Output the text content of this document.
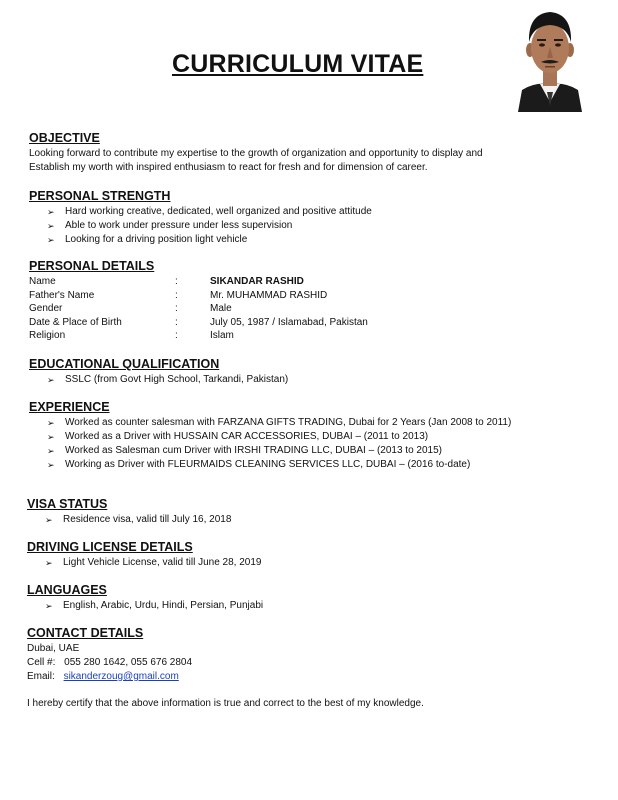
CURRICULUM VITAE
OBJECTIVE
Looking forward to contribute my expertise to the growth of organization and opportunity to display and
Establish my worth with inspired enthusiasm to react for fresh and for dimension of career.
PERSONAL STRENGTH
➢ Hard working creative, dedicated, well organized and positive attitude
➢ Able to work under pressure under less supervision
➢ Looking for a driving position light vehicle
PERSONAL DETAILS
Name	:	SIKANDAR RASHID
Father's Name	:	Mr. MUHAMMAD RASHID
Gender	:	Male
Date & Place of Birth	:	July 05, 1987 / Islamabad, Pakistan
Religion	:	Islam
EDUCATIONAL QUALIFICATION
➢ SSLC (from Govt High School, Tarkandi, Pakistan)
EXPERIENCE
➢ Worked as counter salesman with FARZANA GIFTS TRADING, Dubai for 2 Years (Jan 2008 to 2011)
➢ Worked as a Driver with HUSSAIN CAR ACCESSORIES, DUBAI – (2011 to 2013)
➢ Worked as Salesman cum Driver with IRSHI TRADING LLC, DUBAI – (2013 to 2015)
➢ Working as Driver with FLEURMAIDS CLEANING SERVICES LLC, DUBAI – (2016 to-date)
VISA STATUS
➢ Residence visa, valid till July 16, 2018
DRIVING LICENSE DETAILS
➢ Light Vehicle License, valid till June 28, 2019
LANGUAGES
➢ English, Arabic, Urdu, Hindi, Persian, Punjabi
CONTACT DETAILS
Dubai, UAE
Cell #: 055 280 1642, 055 676 2804
Email: sikanderzoug@gmail.com
I hereby certify that the above information is true and correct to the best of my knowledge.
